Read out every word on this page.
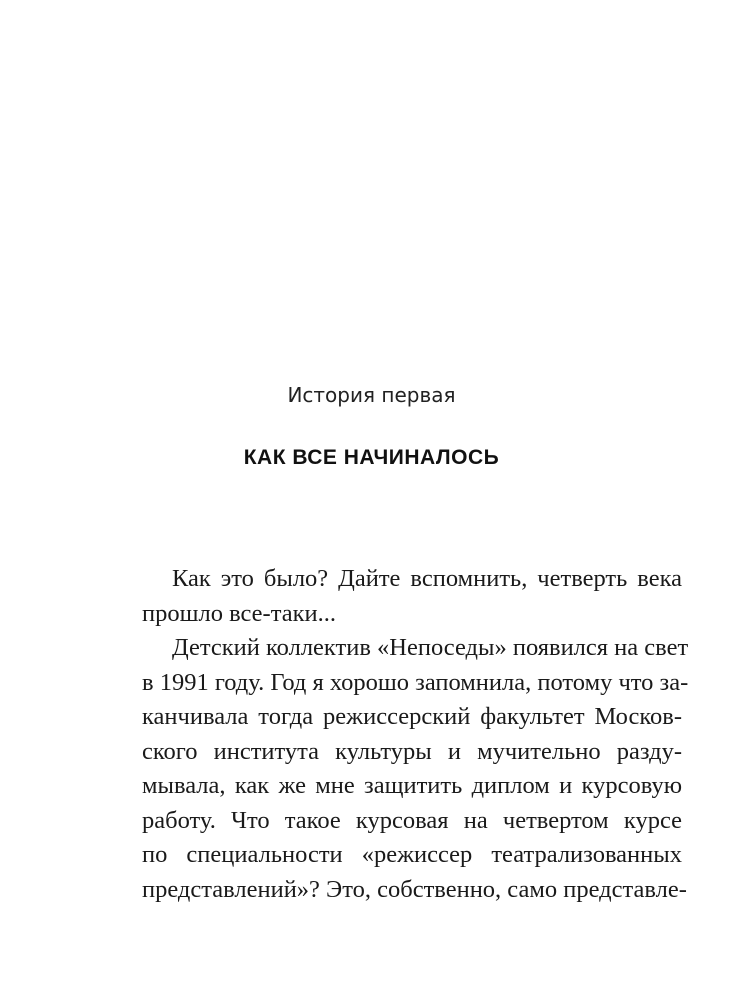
История первая
КАК ВСЕ НАЧИНАЛОСЬ
Как это было? Дайте вспомнить, четверть века
прошло все-таки...
Детский коллектив «Непоседы» появился на свет
в 1991 году. Год я хорошо запомнила, потому что за-
канчивала тогда режиссерский факультет Москов-
ского института культуры и мучительно разду-
мывала, как же мне защитить диплом и курсовую
работу. Что такое курсовая на четвертом курсе
по специальности «режиссер театрализованных
представлений»? Это, собственно, само представле-
